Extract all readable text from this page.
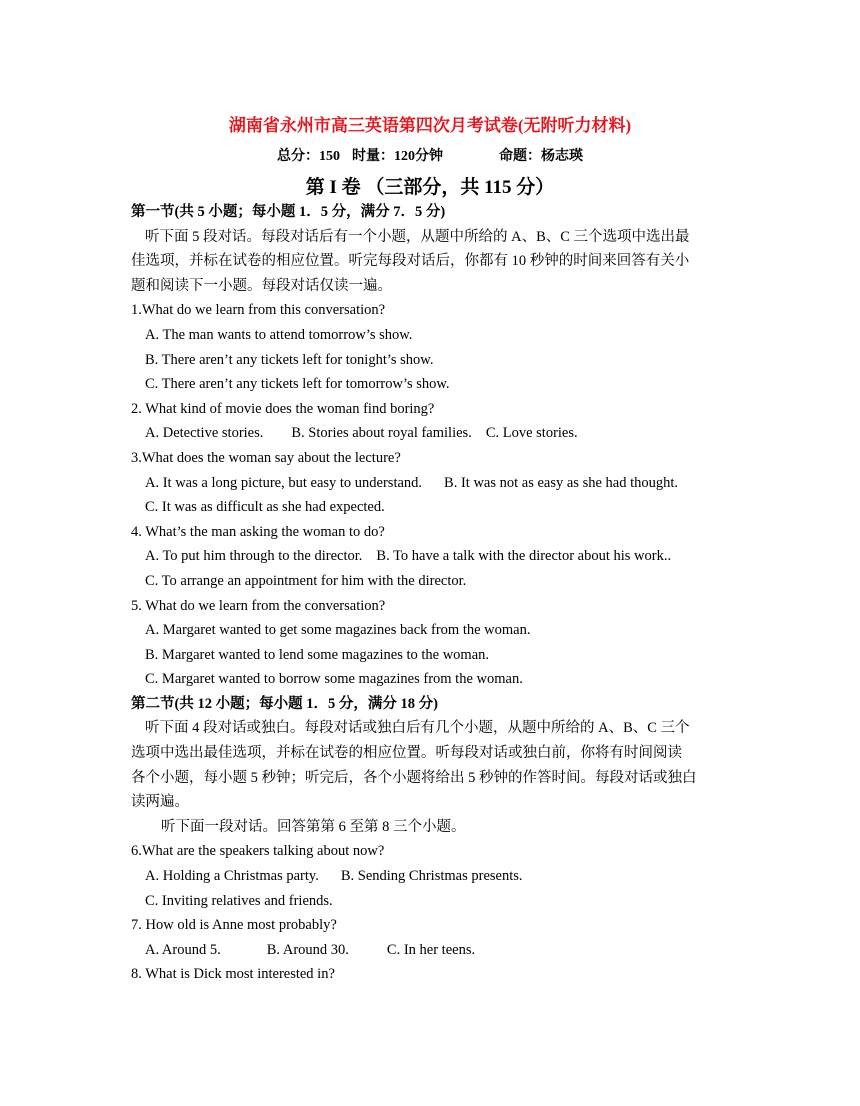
湖南省永州市高三英语第四次月考试卷(无附听力材料)
总分：150 时量：120分钟	命题：杨志瑛
第 I 卷 （三部分，共 115 分）
第一节(共 5 小题；每小题 1．5 分，满分 7．5 分)
听下面 5 段对话。每段对话后有一个小题，从题中所给的 A、B、C 三个选项中选出最
佳选项，并标在试卷的相应位置。听完每段对话后，你都有 10 秒钟的时间来回答有关小
题和阅读下一小题。每段对话仅读一遍。
1.What do we learn from this conversation?
A. The man wants to attend tomorrow’s show.
B. There aren’t any tickets left for tonight’s show.
C. There aren’t any tickets left for tomorrow’s show.
2. What kind of movie does the woman find boring?
A. Detective stories. B. Stories about royal families. C. Love stories.
3.What does the woman say about the lecture?
A. It was a long picture, but easy to understand. B. It was not as easy as she had thought.
C. It was as difficult as she had expected.
4. What’s the man asking the woman to do?
A. To put him through to the director. B. To have a talk with the director about his work..
C. To arrange an appointment for him with the director.
5. What do we learn from the conversation?
A. Margaret wanted to get some magazines back from the woman.
B. Margaret wanted to lend some magazines to the woman.
C. Margaret wanted to borrow some magazines from the woman.
第二节(共 12 小题；每小题 1．5 分，满分 18 分)
听下面 4 段对话或独白。每段对话或独白后有几个小题，从题中所给的 A、B、C 三个
选项中选出最佳选项，并标在试卷的相应位置。听每段对话或独白前，你将有时间阅读
各个小题，每小题 5 秒钟；听完后，各个小题将给出 5 秒钟的作答时间。每段对话或独白
读两遍。
听下面一段对话。回答第第 6 至第 8 三个小题。
6.What are the speakers talking about now?
A. Holding a Christmas party. B. Sending Christmas presents.
C. Inviting relatives and friends.
7. How old is Anne most probably?
A. Around 5.	B. Around 30.	C. In her teens.
8. What is Dick most interested in?
